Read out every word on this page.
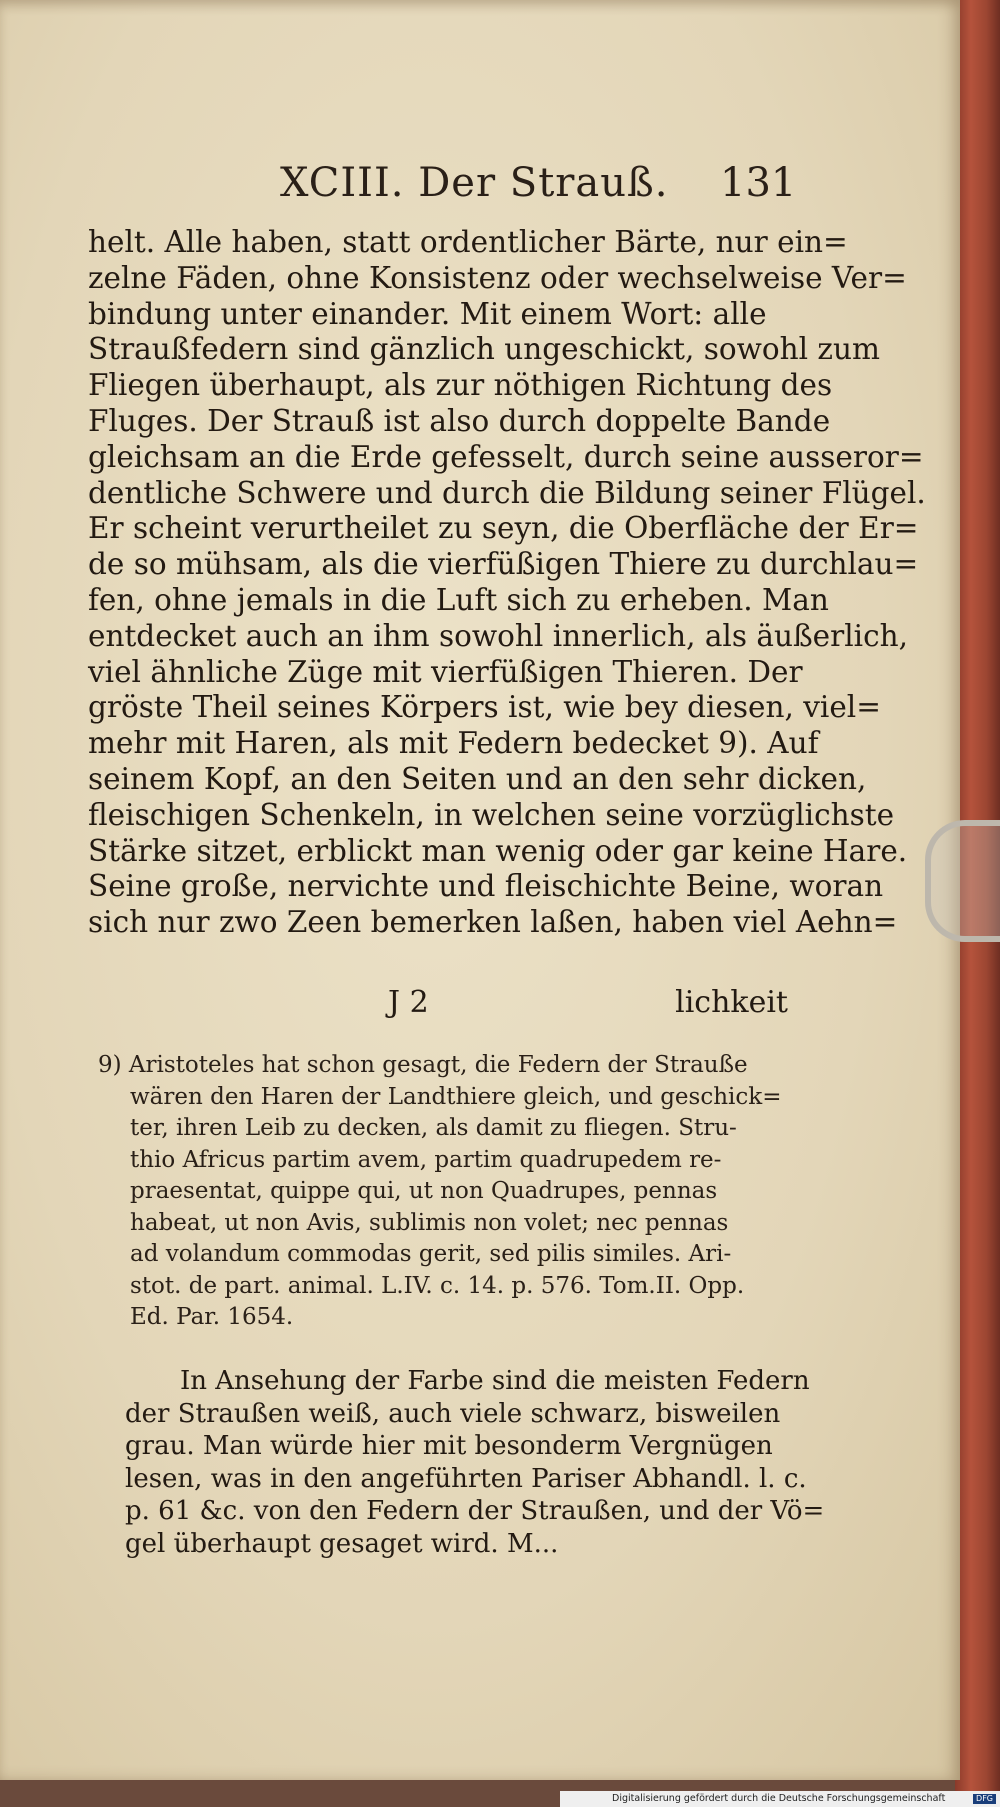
XCIII. Der Strauß. 131
helt. Alle haben, statt ordentlicher Bärte, nur ein=
zelne Fäden, ohne Konsistenz oder wechselweise Ver=
bindung unter einander. Mit einem Wort: alle
Straußfedern sind gänzlich ungeschickt, sowohl zum
Fliegen überhaupt, als zur nöthigen Richtung des
Fluges. Der Strauß ist also durch doppelte Bande
gleichsam an die Erde gefesselt, durch seine ausseror=
dentliche Schwere und durch die Bildung seiner Flügel.
Er scheint verurtheilet zu seyn, die Oberfläche der Er=
de so mühsam, als die vierfüßigen Thiere zu durchlau=
fen, ohne jemals in die Luft sich zu erheben. Man
entdecket auch an ihm sowohl innerlich, als äußerlich,
viel ähnliche Züge mit vierfüßigen Thieren. Der
gröste Theil seines Körpers ist, wie bey diesen, viel=
mehr mit Haren, als mit Federn bedecket 9). Auf
seinem Kopf, an den Seiten und an den sehr dicken,
fleischigen Schenkeln, in welchen seine vorzüglichste
Stärke sitzet, erblickt man wenig oder gar keine Hare.
Seine große, nervichte und fleischichte Beine, woran
sich nur zwo Zeen bemerken laßen, haben viel Aehn=
J 2	lichkeit
9) Aristoteles hat schon gesagt, die Federn der Strauße
wären den Haren der Landthiere gleich, und geschick=
ter, ihren Leib zu decken, als damit zu fliegen. Stru-
thio Africus partim avem, partim quadrupedem re-
praesentat, quippe qui, ut non Quadrupes, pennas
habeat, ut non Avis, sublimis non volet; nec pennas
ad volandum commodas gerit, sed pilis similes. Ari-
stot. de part. animal. L.IV. c. 14. p. 576. Tom.II. Opp.
Ed. Par. 1654.
In Ansehung der Farbe sind die meisten Federn
der Straußen weiß, auch viele schwarz, bisweilen
grau. Man würde hier mit besonderm Vergnügen
lesen, was in den angeführten Pariser Abhandl. l. c.
p. 61 &c. von den Federn der Straußen, und der Vö=
gel überhaupt gesaget wird. M...
Digitalisierung gefördert durch die Deutsche Forschungsgemeinschaft	DFG
